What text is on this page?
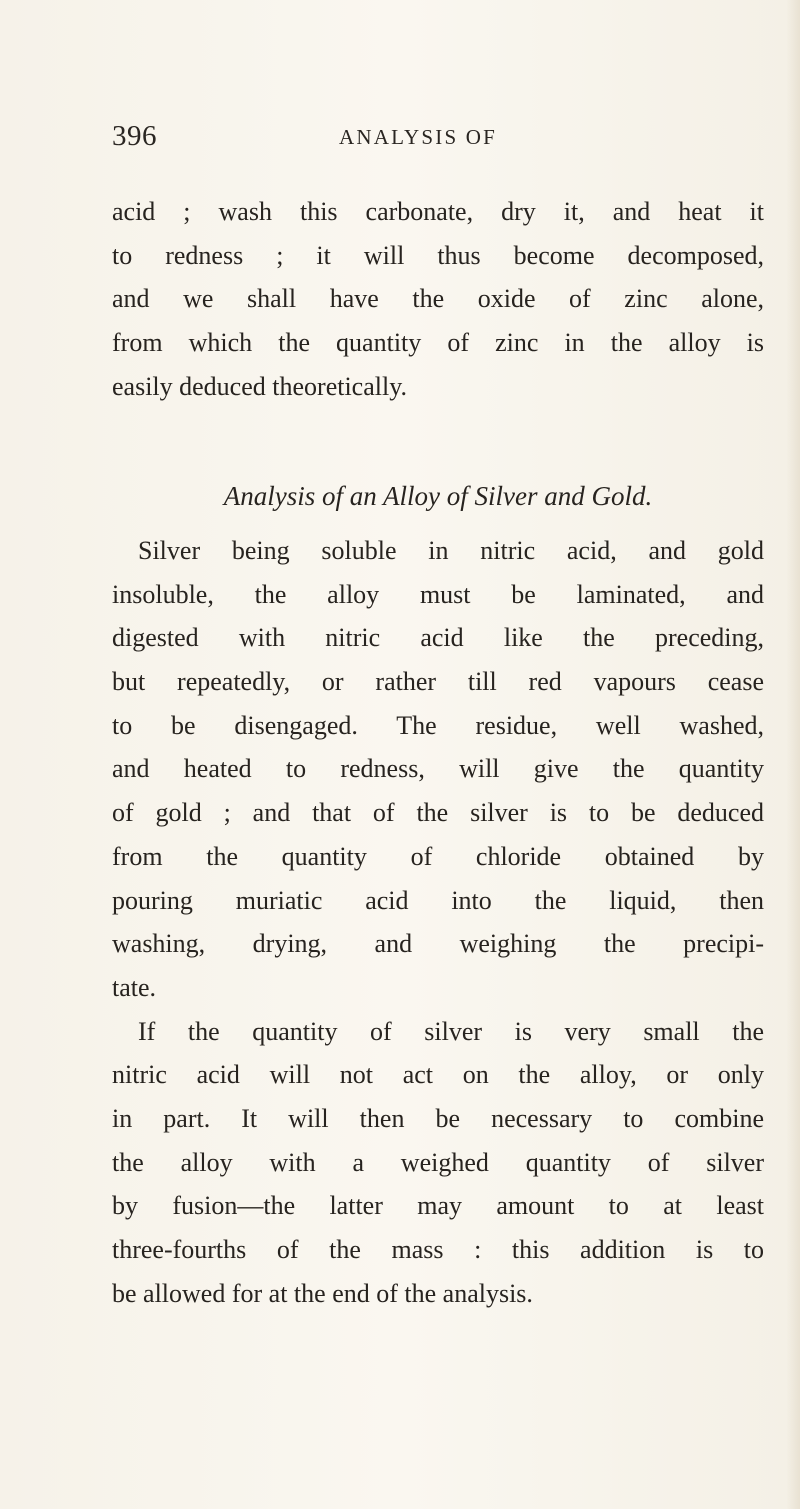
396	ANALYSIS OF
acid ; wash this carbonate, dry it, and heat it
to redness ; it will thus become decomposed,
and we shall have the oxide of zinc alone,
from which the quantity of zinc in the alloy is
easily deduced theoretically.
Analysis of an Alloy of Silver and Gold.
Silver being soluble in nitric acid, and gold
insoluble, the alloy must be laminated, and
digested with nitric acid like the preceding,
but repeatedly, or rather till red vapours cease
to be disengaged. The residue, well washed,
and heated to redness, will give the quantity
of gold ; and that of the silver is to be deduced
from the quantity of chloride obtained by
pouring muriatic acid into the liquid, then
washing, drying, and weighing the precipi-
tate.
If the quantity of silver is very small the
nitric acid will not act on the alloy, or only
in part. It will then be necessary to combine
the alloy with a weighed quantity of silver
by fusion—the latter may amount to at least
three-fourths of the mass : this addition is to
be allowed for at the end of the analysis.
